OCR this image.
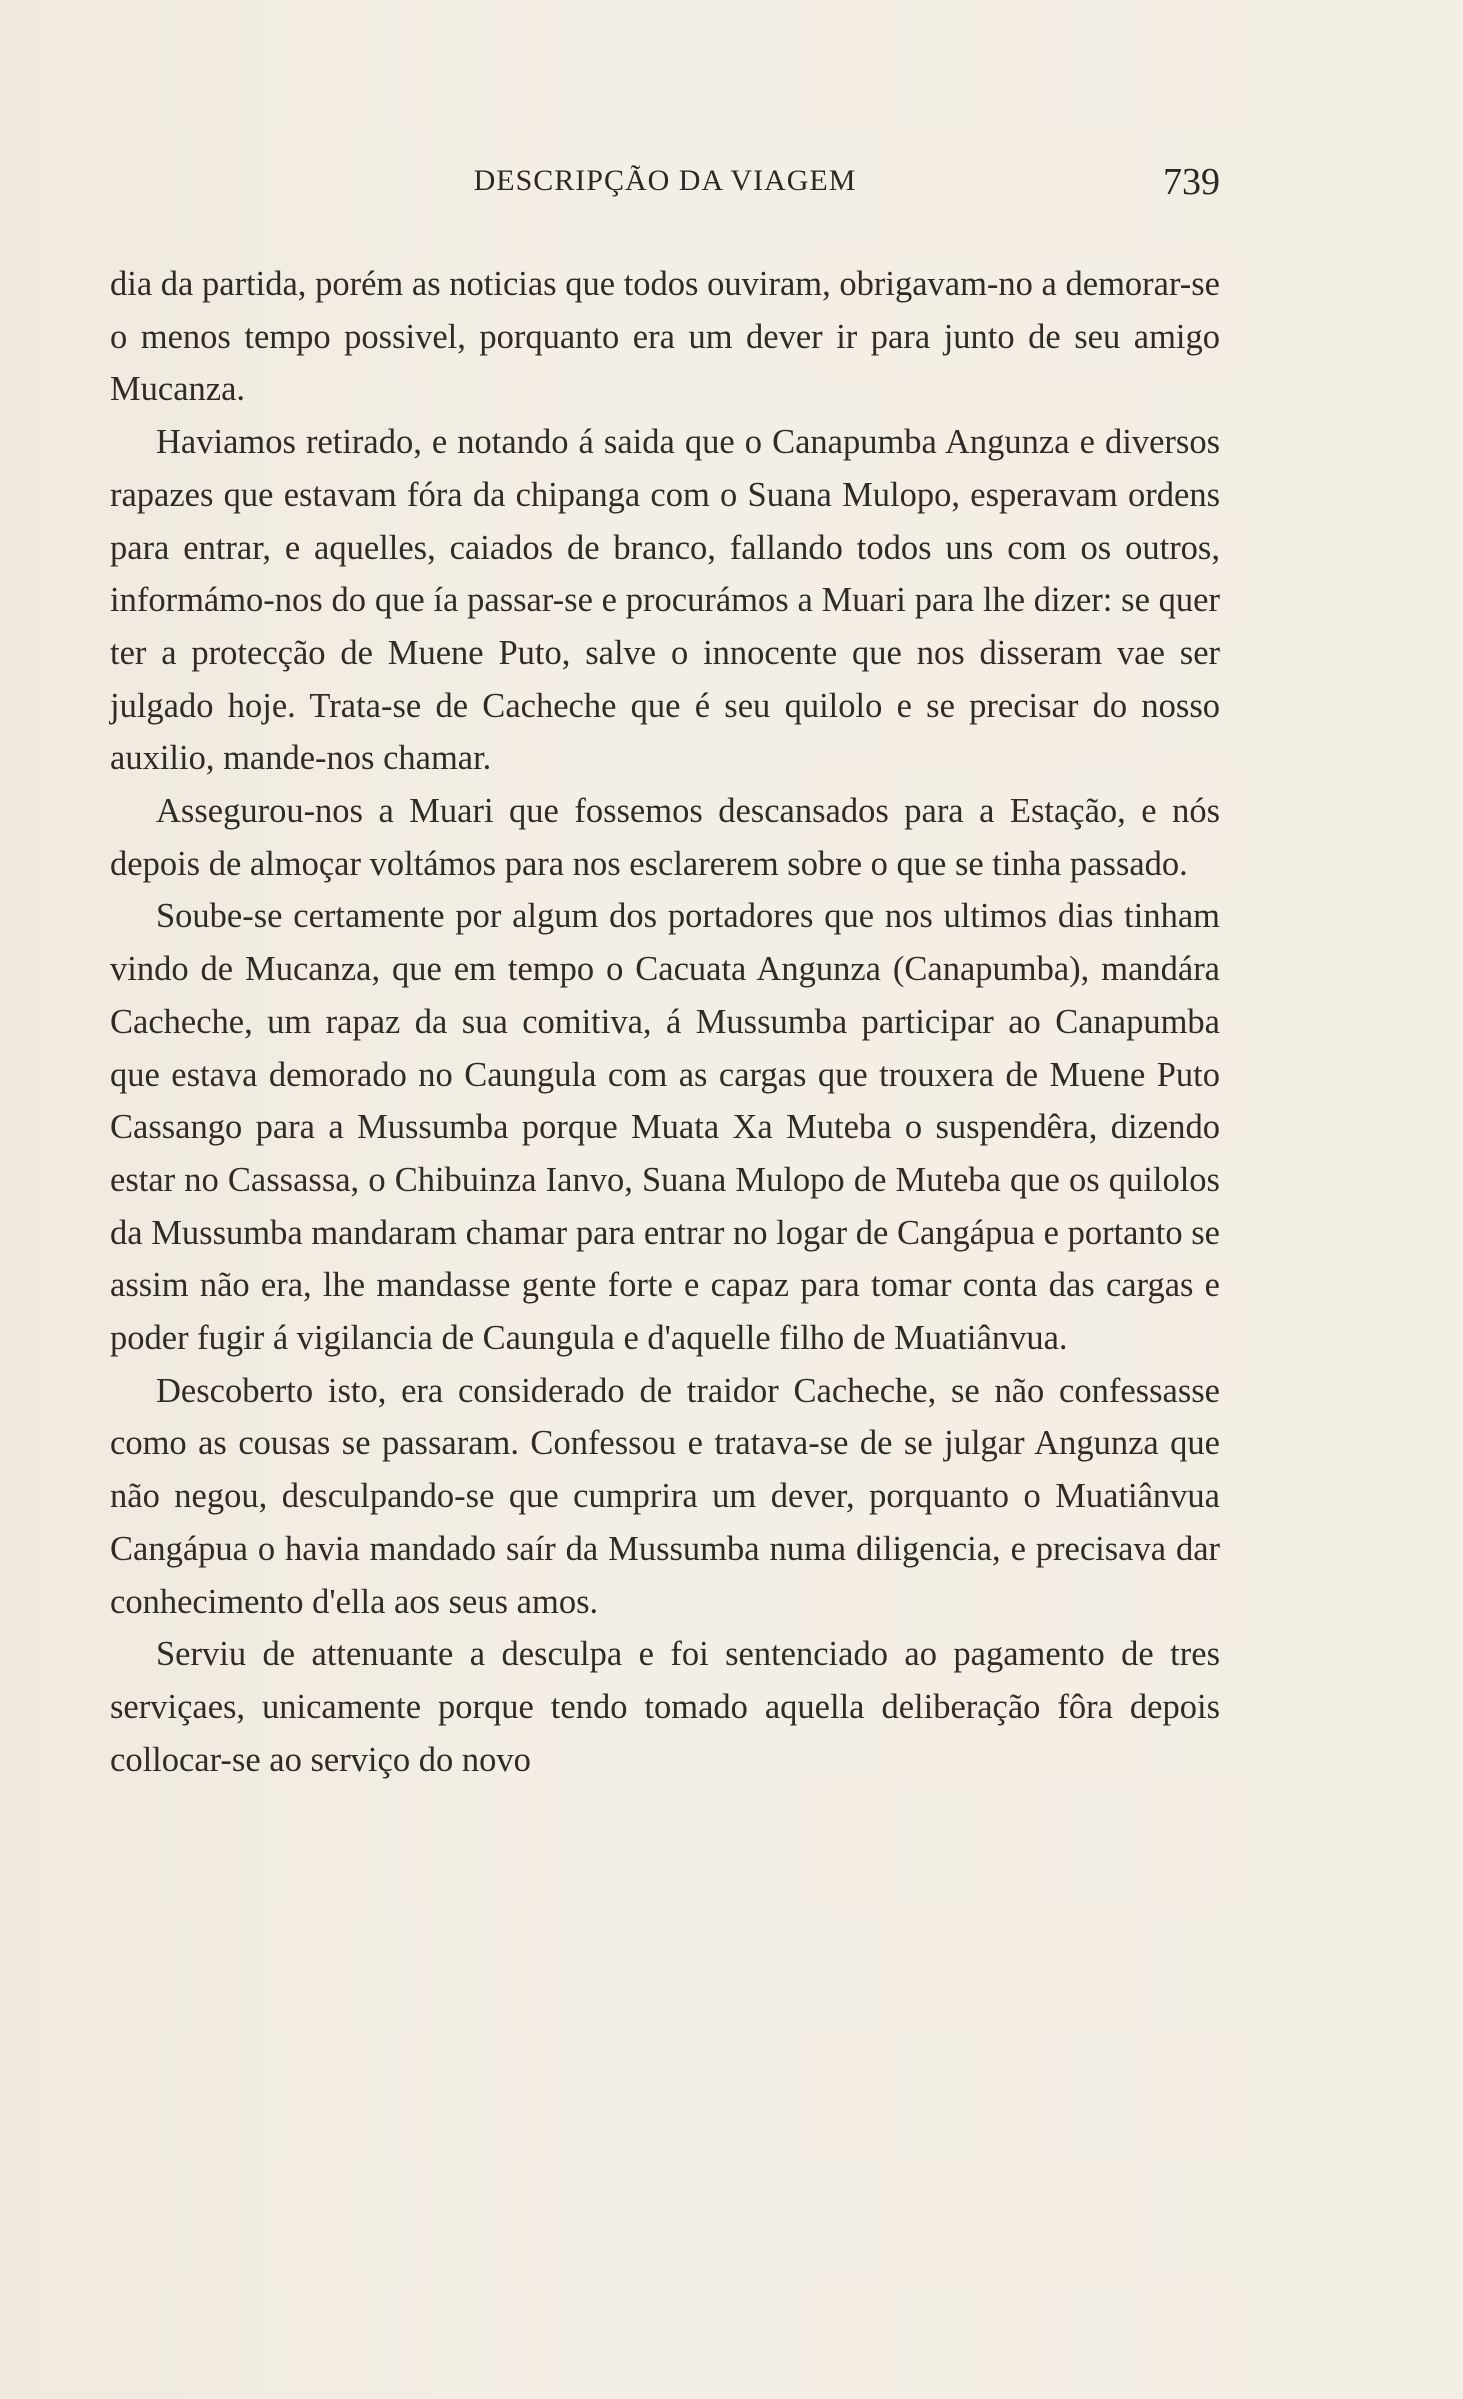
DESCRIPÇÃO DA VIAGEM	739

dia da partida, porém as noticias que todos ouviram, obrigavam-no a demorar-se o menos tempo possivel, porquanto era um dever ir para junto de seu amigo Mucanza.

Haviamos retirado, e notando á saida que o Canapumba Angunza e diversos rapazes que estavam fóra da chipanga com o Suana Mulopo, esperavam ordens para entrar, e aquelles, caiados de branco, fallando todos uns com os outros, informámo-nos do que ía passar-se e procurámos a Muari para lhe dizer: se quer ter a protecção de Muene Puto, salve o innocente que nos disseram vae ser julgado hoje. Trata-se de Cacheche que é seu quilolo e se precisar do nosso auxilio, mande-nos chamar.

Assegurou-nos a Muari que fossemos descansados para a Estação, e nós depois de almoçar voltámos para nos esclarerem sobre o que se tinha passado.

Soube-se certamente por algum dos portadores que nos ultimos dias tinham vindo de Mucanza, que em tempo o Cacuata Angunza (Canapumba), mandára Cacheche, um rapaz da sua comitiva, á Mussumba participar ao Canapumba que estava demorado no Caungula com as cargas que trouxera de Muene Puto Cassango para a Mussumba porque Muata Xa Muteba o suspendêra, dizendo estar no Cassassa, o Chibuinza Ianvo, Suana Mulopo de Muteba que os quilolos da Mussumba mandaram chamar para entrar no logar de Cangápua e portanto se assim não era, lhe mandasse gente forte e capaz para tomar conta das cargas e poder fugir á vigilancia de Caungula e d'aquelle filho de Muatiânvua.

Descoberto isto, era considerado de traidor Cacheche, se não confessasse como as cousas se passaram. Confessou e tratava-se de se julgar Angunza que não negou, desculpando-se que cumprira um dever, porquanto o Muatiânvua Cangápua o havia mandado saír da Mussumba numa diligencia, e precisava dar conhecimento d'ella aos seus amos.

Serviu de attenuante a desculpa e foi sentenciado ao pagamento de tres serviçaes, unicamente porque tendo tomado aquella deliberação fôra depois collocar-se ao serviço do novo
